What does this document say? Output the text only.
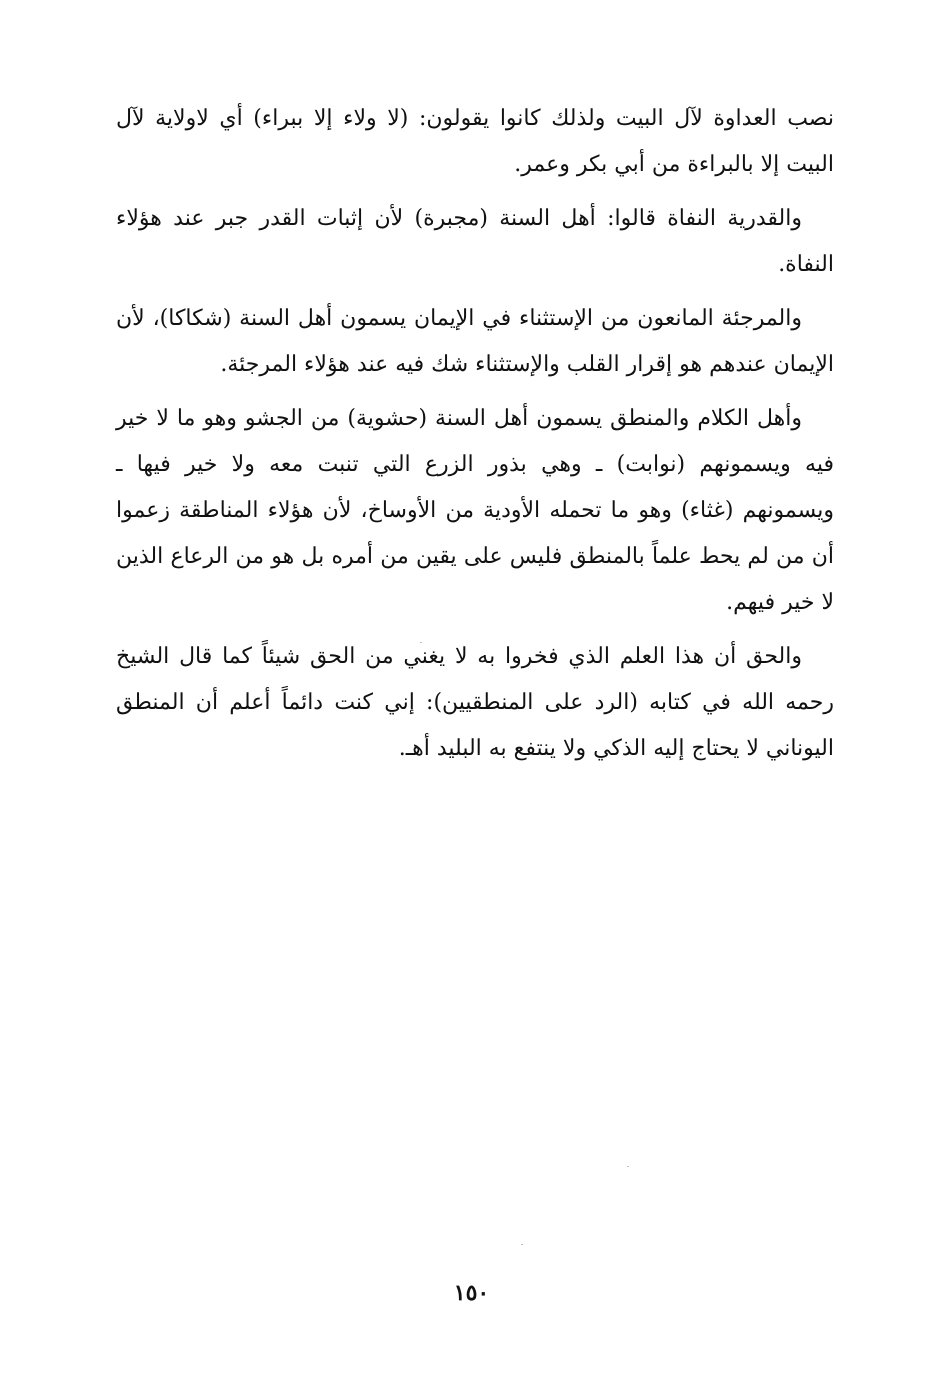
نصب العداوة لآل البيت ولذلك كانوا يقولون: (لا ولاء إلا ببراء) أي لاولاية لآل البيت إلا بالبراءة من أبي بكر وعمر.

والقدرية النفاة قالوا: أهل السنة (مجبرة) لأن إثبات القدر جبر عند هؤلاء النفاة.

والمرجئة المانعون من الإستثناء في الإيمان يسمون أهل السنة (شكاكا)، لأن الإيمان عندهم هو إقرار القلب والإستثناء شك فيه عند هؤلاء المرجئة.

وأهل الكلام والمنطق يسمون أهل السنة (حشوية) من الجشو وهو ما لا خير فيه ويسمونهم (نوابت) ـ وهي بذور الزرع التي تنبت معه ولا خير فيها ـ ويسمونهم (غثاء) وهو ما تحمله الأودية من الأوساخ، لأن هؤلاء المناطقة زعموا أن من لم يحط علماً بالمنطق فليس على يقين من أمره بل هو من الرعاع الذين لا خير فيهم.

والحق أن هذا العلم الذي فخروا به لا يغني من الحق شيئاً كما قال الشيخ رحمه الله في كتابه (الرد على المنطقيين): إني كنت دائماً أعلم أن المنطق اليوناني لا يحتاج إليه الذكي ولا ينتفع به البليد أهـ.

١٥٠
